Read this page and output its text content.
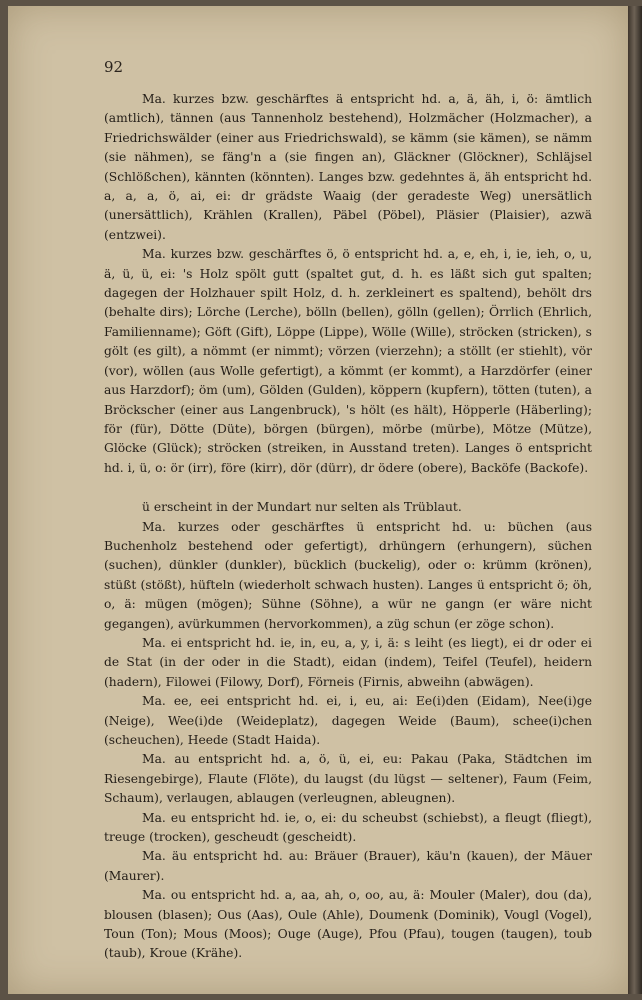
92

Ma. kurzes bzw. geschärftes ä entspricht hd. a, ä, äh, i, ö: ämtlich (amtlich), tännen (aus Tannenholz bestehend), Holzmächer (Holzmacher), a Friedrichswälder (einer aus Friedrichswald), se kämm (sie kämen), se nämm (sie nähmen), se fäng'n a (sie fingen an), Gläckner (Glöckner), Schläjsel (Schlößchen), kännten (könnten). Langes bzw. gedehntes ä, äh entspricht hd. a, a, a, ö, ai, ei: dr grädste Waaig (der geradeste Weg) unersätlich (unersättlich), Krählen (Krallen), Päbel (Pöbel), Pläsier (Plaisier), azwä (entzwei).

Ma. kurzes bzw. geschärftes ö, ö entspricht hd. a, e, eh, i, ie, ieh, o, u, ä, ü, ü, ei: 's Holz spölt gutt (spaltet gut, d. h. es läßt sich gut spalten; dagegen der Holzhauer spilt Holz, d. h. zerkleinert es spaltend), behölt drs (behalte dirs); Lörche (Lerche), bölln (bellen), gölln (gellen); Örrlich (Ehrlich, Familienname); Göft (Gift), Löppe (Lippe), Wölle (Wille), ströcken (stricken), s gölt (es gilt), a nömmt (er nimmt); vörzen (vierzehn); a stöllt (er stiehlt), vör (vor), wöllen (aus Wolle gefertigt), a kömmt (er kommt), a Harzdörfer (einer aus Harzdorf); öm (um), Gölden (Gulden), köppern (kupfern), tötten (tuten), a Bröckscher (einer aus Langenbruck), 's hölt (es hält), Höpperle (Häberling); för (für), Dötte (Düte), börgen (bürgen), mörbe (mürbe), Mötze (Mütze), Glöcke (Glück); ströcken (streiken, in Ausstand treten). Langes ö entspricht hd. i, ü, o: ör (irr), före (kirr), dör (dürr), dr ödere (obere), Backöfe (Backofe).

ü erscheint in der Mundart nur selten als Trüblaut.

Ma. kurzes oder geschärftes ü entspricht hd. u: büchen (aus Buchenholz bestehend oder gefertigt), drhüngern (erhungern), süchen (suchen), dünkler (dunkler), bücklich (buckelig), oder o: krümm (krönen), stüßt (stößt), hüfteln (wiederholt schwach husten). Langes ü entspricht ö; öh, o, ä: mügen (mögen); Sühne (Söhne), a wür ne gangn (er wäre nicht gegangen), avürkummen (hervorkommen), a züg schun (er zöge schon).

Ma. ei entspricht hd. ie, in, eu, a, y, i, ä: s leiht (es liegt), ei dr oder ei de Stat (in der oder in die Stadt), eidan (indem), Teifel (Teufel), heidern (hadern), Filowei (Filowy, Dorf), Förneis (Firnis, abweihn (abwägen).

Ma. ee, eei entspricht hd. ei, i, eu, ai: Ee(i)den (Eidam), Nee(i)ge (Neige), Wee(i)de (Weideplatz), dagegen Weide (Baum), schee(i)chen (scheuchen), Heede (Stadt Haida).

Ma. au entspricht hd. a, ö, ü, ei, eu: Pakau (Paka, Städtchen im Riesengebirge), Flaute (Flöte), du laugst (du lügst — seltener), Faum (Feim, Schaum), verlaugen, ablaugen (verleugnen, ableugnen).

Ma. eu entspricht hd. ie, o, ei: du scheubst (schiebst), a fleugt (fliegt), treuge (trocken), gescheudt (gescheidt).

Ma. äu entspricht hd. au: Bräuer (Brauer), käu'n (kauen), der Mäuer (Maurer).

Ma. ou entspricht hd. a, aa, ah, o, oo, au, ä: Mouler (Maler), dou (da), blousen (blasen); Ous (Aas), Oule (Ahle), Doumenk (Dominik), Vougl (Vogel), Toun (Ton); Mous (Moos); Ouge (Auge), Pfou (Pfau), tougen (taugen), toub (taub), Kroue (Krähe).
